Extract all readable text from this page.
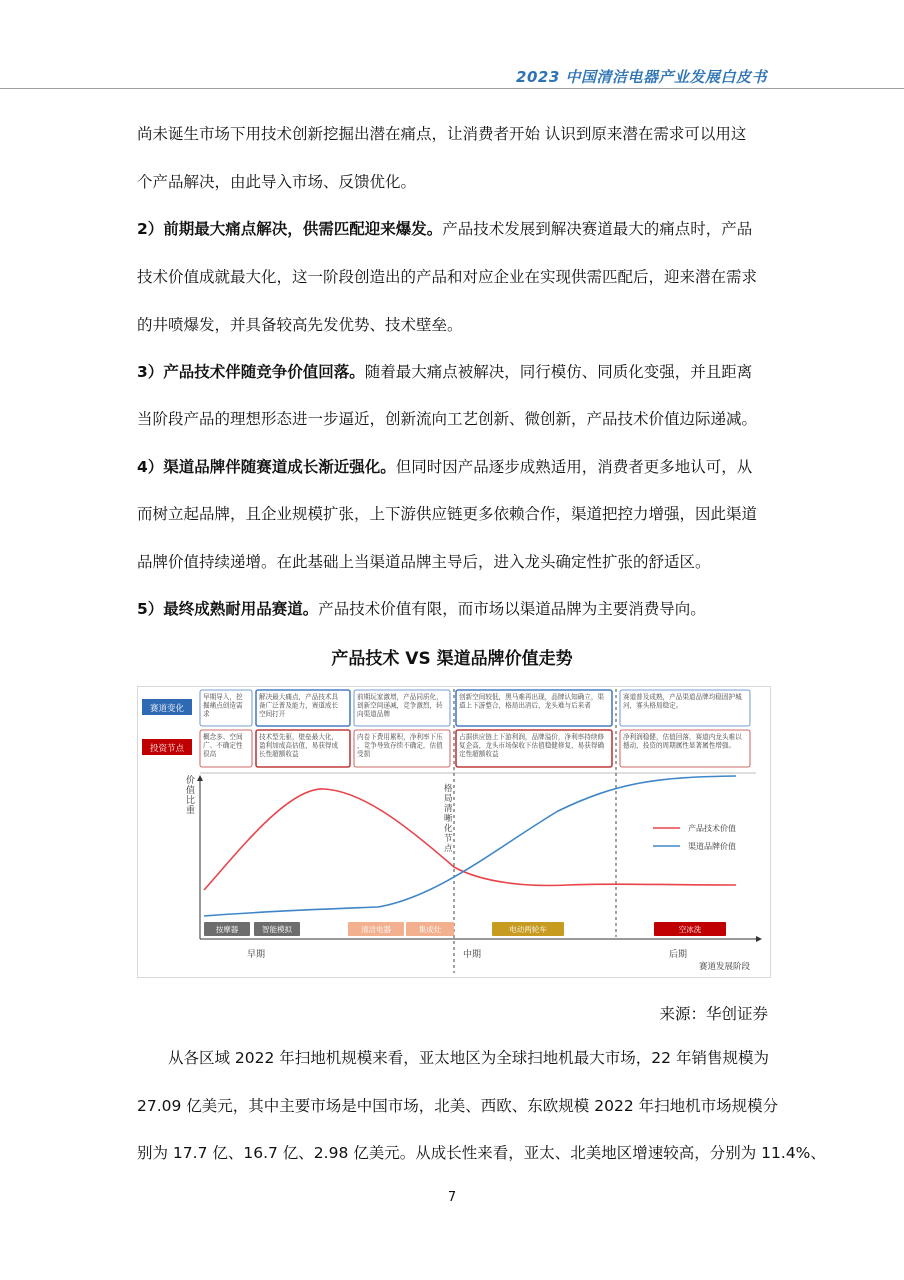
2023 中国清洁电器产业发展白皮书
尚未诞生市场下用技术创新挖掘出潜在痛点，让消费者开始 认识到原来潜在需求可以用这
个产品解决，由此导入市场、反馈优化。
2）前期最大痛点解决，供需匹配迎来爆发。产品技术发展到解决赛道最大的痛点时，产品
技术价值成就最大化，这一阶段创造出的产品和对应企业在实现供需匹配后，迎来潜在需求
的井喷爆发，并具备较高先发优势、技术壁垒。
3）产品技术伴随竞争价值回落。随着最大痛点被解决，同行模仿、同质化变强，并且距离
当阶段产品的理想形态进一步逼近，创新流向工艺创新、微创新，产品技术价值边际递减。
4）渠道品牌伴随赛道成长渐近强化。但同时因产品逐步成熟适用，消费者更多地认可，从
而树立起品牌，且企业规模扩张，上下游供应链更多依赖合作，渠道把控力增强，因此渠道
品牌价值持续递增。在此基础上当渠道品牌主导后，进入龙头确定性扩张的舒适区。
5）最终成熟耐用品赛道。产品技术价值有限，而市场以渠道品牌为主要消费导向。
产品技术 VS 渠道品牌价值走势
赛道变化
投资节点
早期导入，挖
掘痛点创造需
求
解决最大痛点，产品技术具
备广泛普及能力，赛道成长
空间打开
前期玩家激增，产品同质化，
创新空间递减，竞争激烈，转
向渠道品牌
创新空间较低，黑马难再出现，品牌认知确立，渠
道上下游整合，格局出清后，龙头难与后来者
赛道普及成熟，产品渠道品牌均稳固护城
河，寡头格局稳定。
概念多、空间
广、不确定性
很高
技术型先驱，壁垒最大化，
盈利加成高估值，易获得成
长性超额收益
内卷下费用累积，净利率下压
，竞争导致存续不确定，估值
受损
占据供应链上下游利润，品牌溢价，净利率持续修
复企高，龙头市场保收下估值稳健修复，易获得确
定性超额收益
净利润稳健，估值回落，赛道内龙头难以
撼动，投资的周期属性显著属性增强。
价值比重
格局清晰化节点
产品技术价值
渠道品牌价值
按摩器	智能模拟	清洁电器	集成灶	电动两轮车	空冰洗
早期	中期	后期
赛道发展阶段
来源：华创证券
从各区域 2022 年扫地机规模来看，亚太地区为全球扫地机最大市场，22 年销售规模为
27.09 亿美元，其中主要市场是中国市场，北美、西欧、东欧规模 2022 年扫地机市场规模分
别为 17.7 亿、16.7 亿、2.98 亿美元。从成长性来看，亚太、北美地区增速较高，分别为 11.4%、
7
